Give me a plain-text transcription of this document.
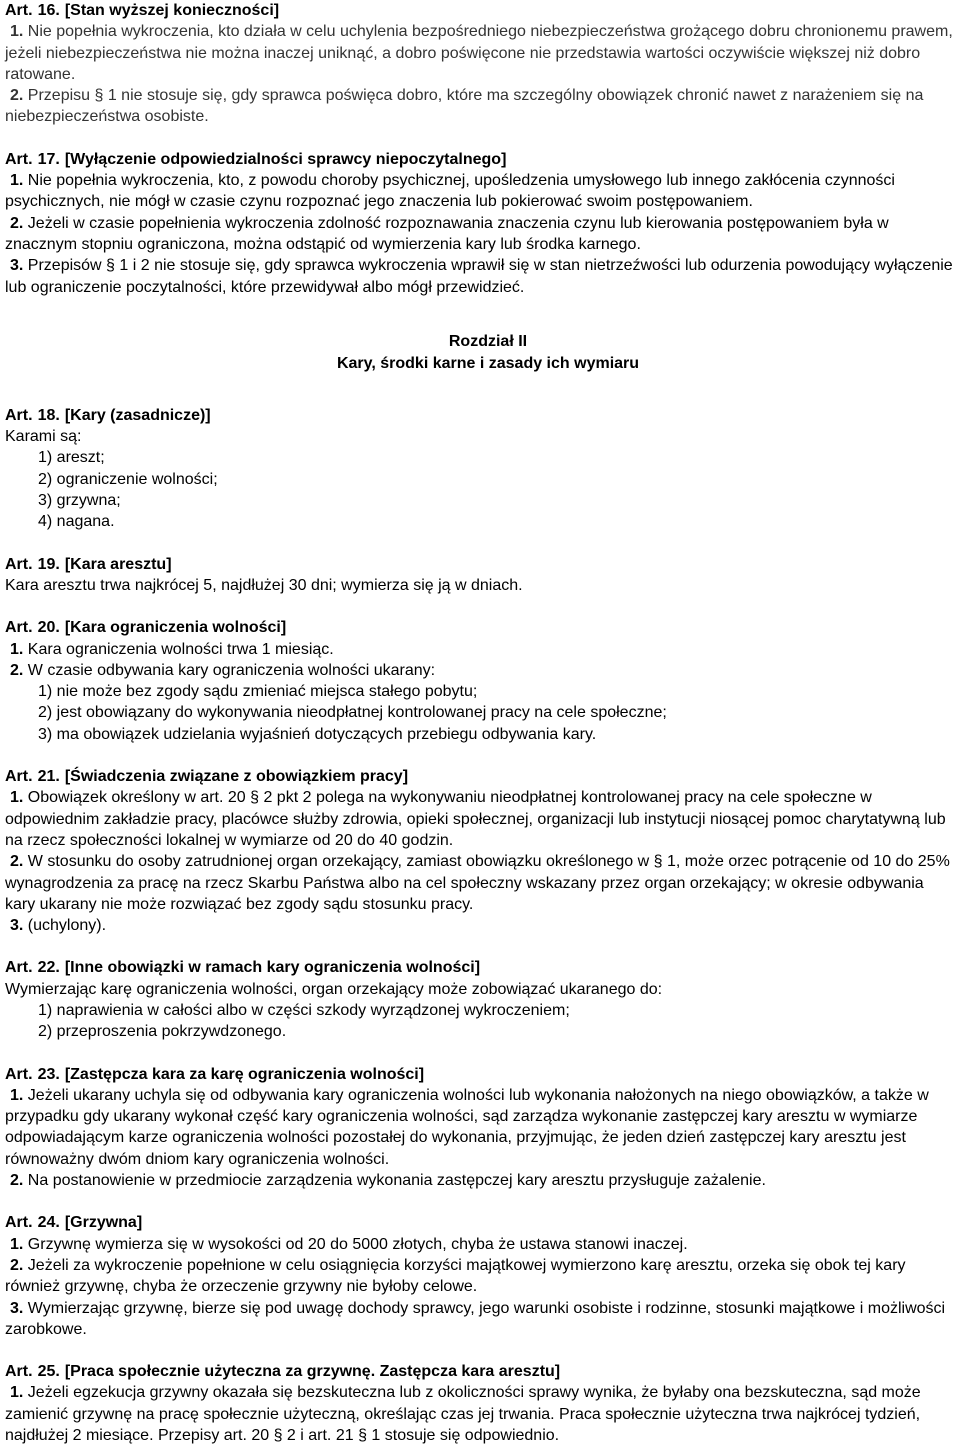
Art. 16. [Stan wyższej konieczności]

1. Nie popełnia wykroczenia, kto działa w celu uchylenia bezpośredniego niebezpieczeństwa grożącego dobru chronionemu prawem, jeżeli niebezpieczeństwa nie można inaczej uniknąć, a dobro poświęcone nie przedstawia wartości oczywiście większej niż dobro ratowane.

2. Przepisu § 1 nie stosuje się, gdy sprawca poświęca dobro, które ma szczególny obowiązek chronić nawet z narażeniem się na niebezpieczeństwa osobiste.

Art. 17. [Wyłączenie odpowiedzialności sprawcy niepoczytalnego]

1. Nie popełnia wykroczenia, kto, z powodu choroby psychicznej, upośledzenia umysłowego lub innego zakłócenia czynności psychicznych, nie mógł w czasie czynu rozpoznać jego znaczenia lub pokierować swoim postępowaniem.

2. Jeżeli w czasie popełnienia wykroczenia zdolność rozpoznawania znaczenia czynu lub kierowania postępowaniem była w znacznym stopniu ograniczona, można odstąpić od wymierzenia kary lub środka karnego.

3. Przepisów § 1 i 2 nie stosuje się, gdy sprawca wykroczenia wprawił się w stan nietrzeźwości lub odurzenia powodujący wyłączenie lub ograniczenie poczytalności, które przewidywał albo mógł przewidzieć.

Rozdział II
Kary, środki karne i zasady ich wymiaru
Art. 18. [Kary (zasadnicze)]

Karami są:

1) areszt;
2) ograniczenie wolności;
3) grzywna;
4) nagana.
Art. 19. [Kara aresztu]

Kara aresztu trwa najkrócej 5, najdłużej 30 dni; wymierza się ją w dniach.

Art. 20. [Kara ograniczenia wolności]

1. Kara ograniczenia wolności trwa 1 miesiąc.

2. W czasie odbywania kary ograniczenia wolności ukarany:

1) nie może bez zgody sądu zmieniać miejsca stałego pobytu;
2) jest obowiązany do wykonywania nieodpłatnej kontrolowanej pracy na cele społeczne;
3) ma obowiązek udzielania wyjaśnień dotyczących przebiegu odbywania kary.
Art. 21. [Świadczenia związane z obowiązkiem pracy]

1. Obowiązek określony w art. 20 § 2 pkt 2 polega na wykonywaniu nieodpłatnej kontrolowanej pracy na cele społeczne w odpowiednim zakładzie pracy, placówce służby zdrowia, opieki społecznej, organizacji lub instytucji niosącej pomoc charytatywną lub na rzecz społeczności lokalnej w wymiarze od 20 do 40 godzin.

2. W stosunku do osoby zatrudnionej organ orzekający, zamiast obowiązku określonego w § 1, może orzec potrącenie od 10 do 25% wynagrodzenia za pracę na rzecz Skarbu Państwa albo na cel społeczny wskazany przez organ orzekający; w okresie odbywania kary ukarany nie może rozwiązać bez zgody sądu stosunku pracy.

3. (uchylony).

Art. 22. [Inne obowiązki w ramach kary ograniczenia wolności]

Wymierzając karę ograniczenia wolności, organ orzekający może zobowiązać ukaranego do:

1) naprawienia w całości albo w części szkody wyrządzonej wykroczeniem;
2) przeproszenia pokrzywdzonego.
Art. 23. [Zastępcza kara za karę ograniczenia wolności]

1. Jeżeli ukarany uchyla się od odbywania kary ograniczenia wolności lub wykonania nałożonych na niego obowiązków, a także w przypadku gdy ukarany wykonał część kary ograniczenia wolności, sąd zarządza wykonanie zastępczej kary aresztu w wymiarze odpowiadającym karze ograniczenia wolności pozostałej do wykonania, przyjmując, że jeden dzień zastępczej kary aresztu jest równoważny dwóm dniom kary ograniczenia wolności.

2. Na postanowienie w przedmiocie zarządzenia wykonania zastępczej kary aresztu przysługuje zażalenie.

Art. 24. [Grzywna]

1. Grzywnę wymierza się w wysokości od 20 do 5000 złotych, chyba że ustawa stanowi inaczej.

2. Jeżeli za wykroczenie popełnione w celu osiągnięcia korzyści majątkowej wymierzono karę aresztu, orzeka się obok tej kary również grzywnę, chyba że orzeczenie grzywny nie byłoby celowe.

3. Wymierzając grzywnę, bierze się pod uwagę dochody sprawcy, jego warunki osobiste i rodzinne, stosunki majątkowe i możliwości zarobkowe.

Art. 25. [Praca społecznie użyteczna za grzywnę. Zastępcza kara aresztu]

1. Jeżeli egzekucja grzywny okazała się bezskuteczna lub z okoliczności sprawy wynika, że byłaby ona bezskuteczna, sąd może zamienić grzywnę na pracę społecznie użyteczną, określając czas jej trwania. Praca społecznie użyteczna trwa najkrócej tydzień, najdłużej 2 miesiące. Przepisy art. 20 § 2 i art. 21 § 1 stosuje się odpowiednio.
